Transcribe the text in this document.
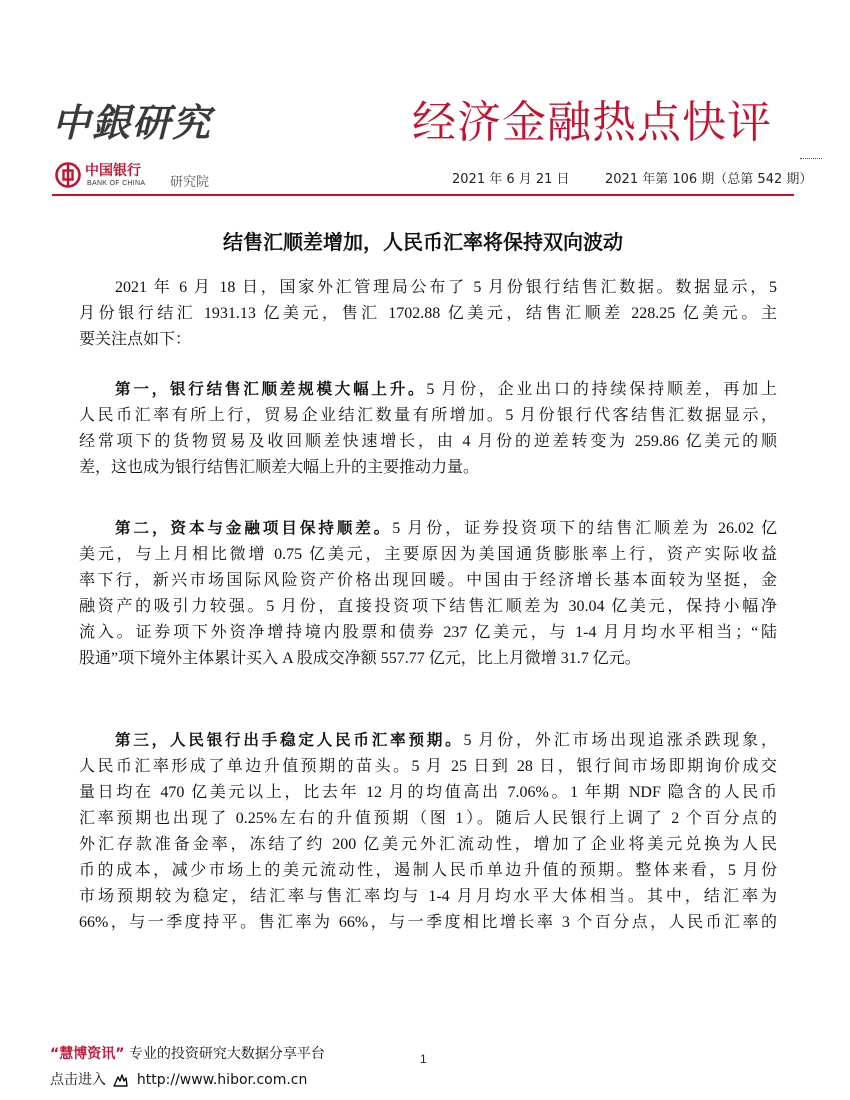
中銀研究	经济金融热点快评
中国银行
BANK OF CHINA 研究院	2021 年 6 月 21 日	2021 年第 106 期（总第 542 期）
结售汇顺差增加，人民币汇率将保持双向波动
2021 年 6 月 18 日，国家外汇管理局公布了 5 月份银行结售汇数据。数据显示，5
月份银行结汇 1931.13 亿美元，售汇 1702.88 亿美元，结售汇顺差 228.25 亿美元。主
要关注点如下：
第一，银行结售汇顺差规模大幅上升。5 月份，企业出口的持续保持顺差，再加上
人民币汇率有所上行，贸易企业结汇数量有所增加。5 月份银行代客结售汇数据显示，
经常项下的货物贸易及收回顺差快速增长，由 4 月份的逆差转变为 259.86 亿美元的顺
差，这也成为银行结售汇顺差大幅上升的主要推动力量。
第二，资本与金融项目保持顺差。5 月份，证券投资项下的结售汇顺差为 26.02 亿
美元，与上月相比微增 0.75 亿美元，主要原因为美国通货膨胀率上行，资产实际收益
率下行，新兴市场国际风险资产价格出现回暖。中国由于经济增长基本面较为坚挺，金
融资产的吸引力较强。5 月份，直接投资项下结售汇顺差为 30.04 亿美元，保持小幅净
流入。证券项下外资净增持境内股票和债券 237 亿美元，与 1-4 月月均水平相当；“陆
股通”项下境外主体累计买入 A 股成交净额 557.77 亿元，比上月微增 31.7 亿元。
第三，人民银行出手稳定人民币汇率预期。5 月份，外汇市场出现追涨杀跌现象，
人民币汇率形成了单边升值预期的苗头。5 月 25 日到 28 日，银行间市场即期询价成交
量日均在 470 亿美元以上，比去年 12 月的均值高出 7.06%。1 年期 NDF 隐含的人民币
汇率预期也出现了 0.25%左右的升值预期（图 1）。随后人民银行上调了 2 个百分点的
外汇存款准备金率，冻结了约 200 亿美元外汇流动性，增加了企业将美元兑换为人民
币的成本，减少市场上的美元流动性，遏制人民币单边升值的预期。整体来看，5 月份
市场预期较为稳定，结汇率与售汇率均与 1-4 月月均水平大体相当。其中，结汇率为
66%，与一季度持平。售汇率为 66%，与一季度相比增长率 3 个百分点，人民币汇率的
“慧博资讯” 专业的投资研究大数据分享平台	1
点击进入 http://www.hibor.com.cn
